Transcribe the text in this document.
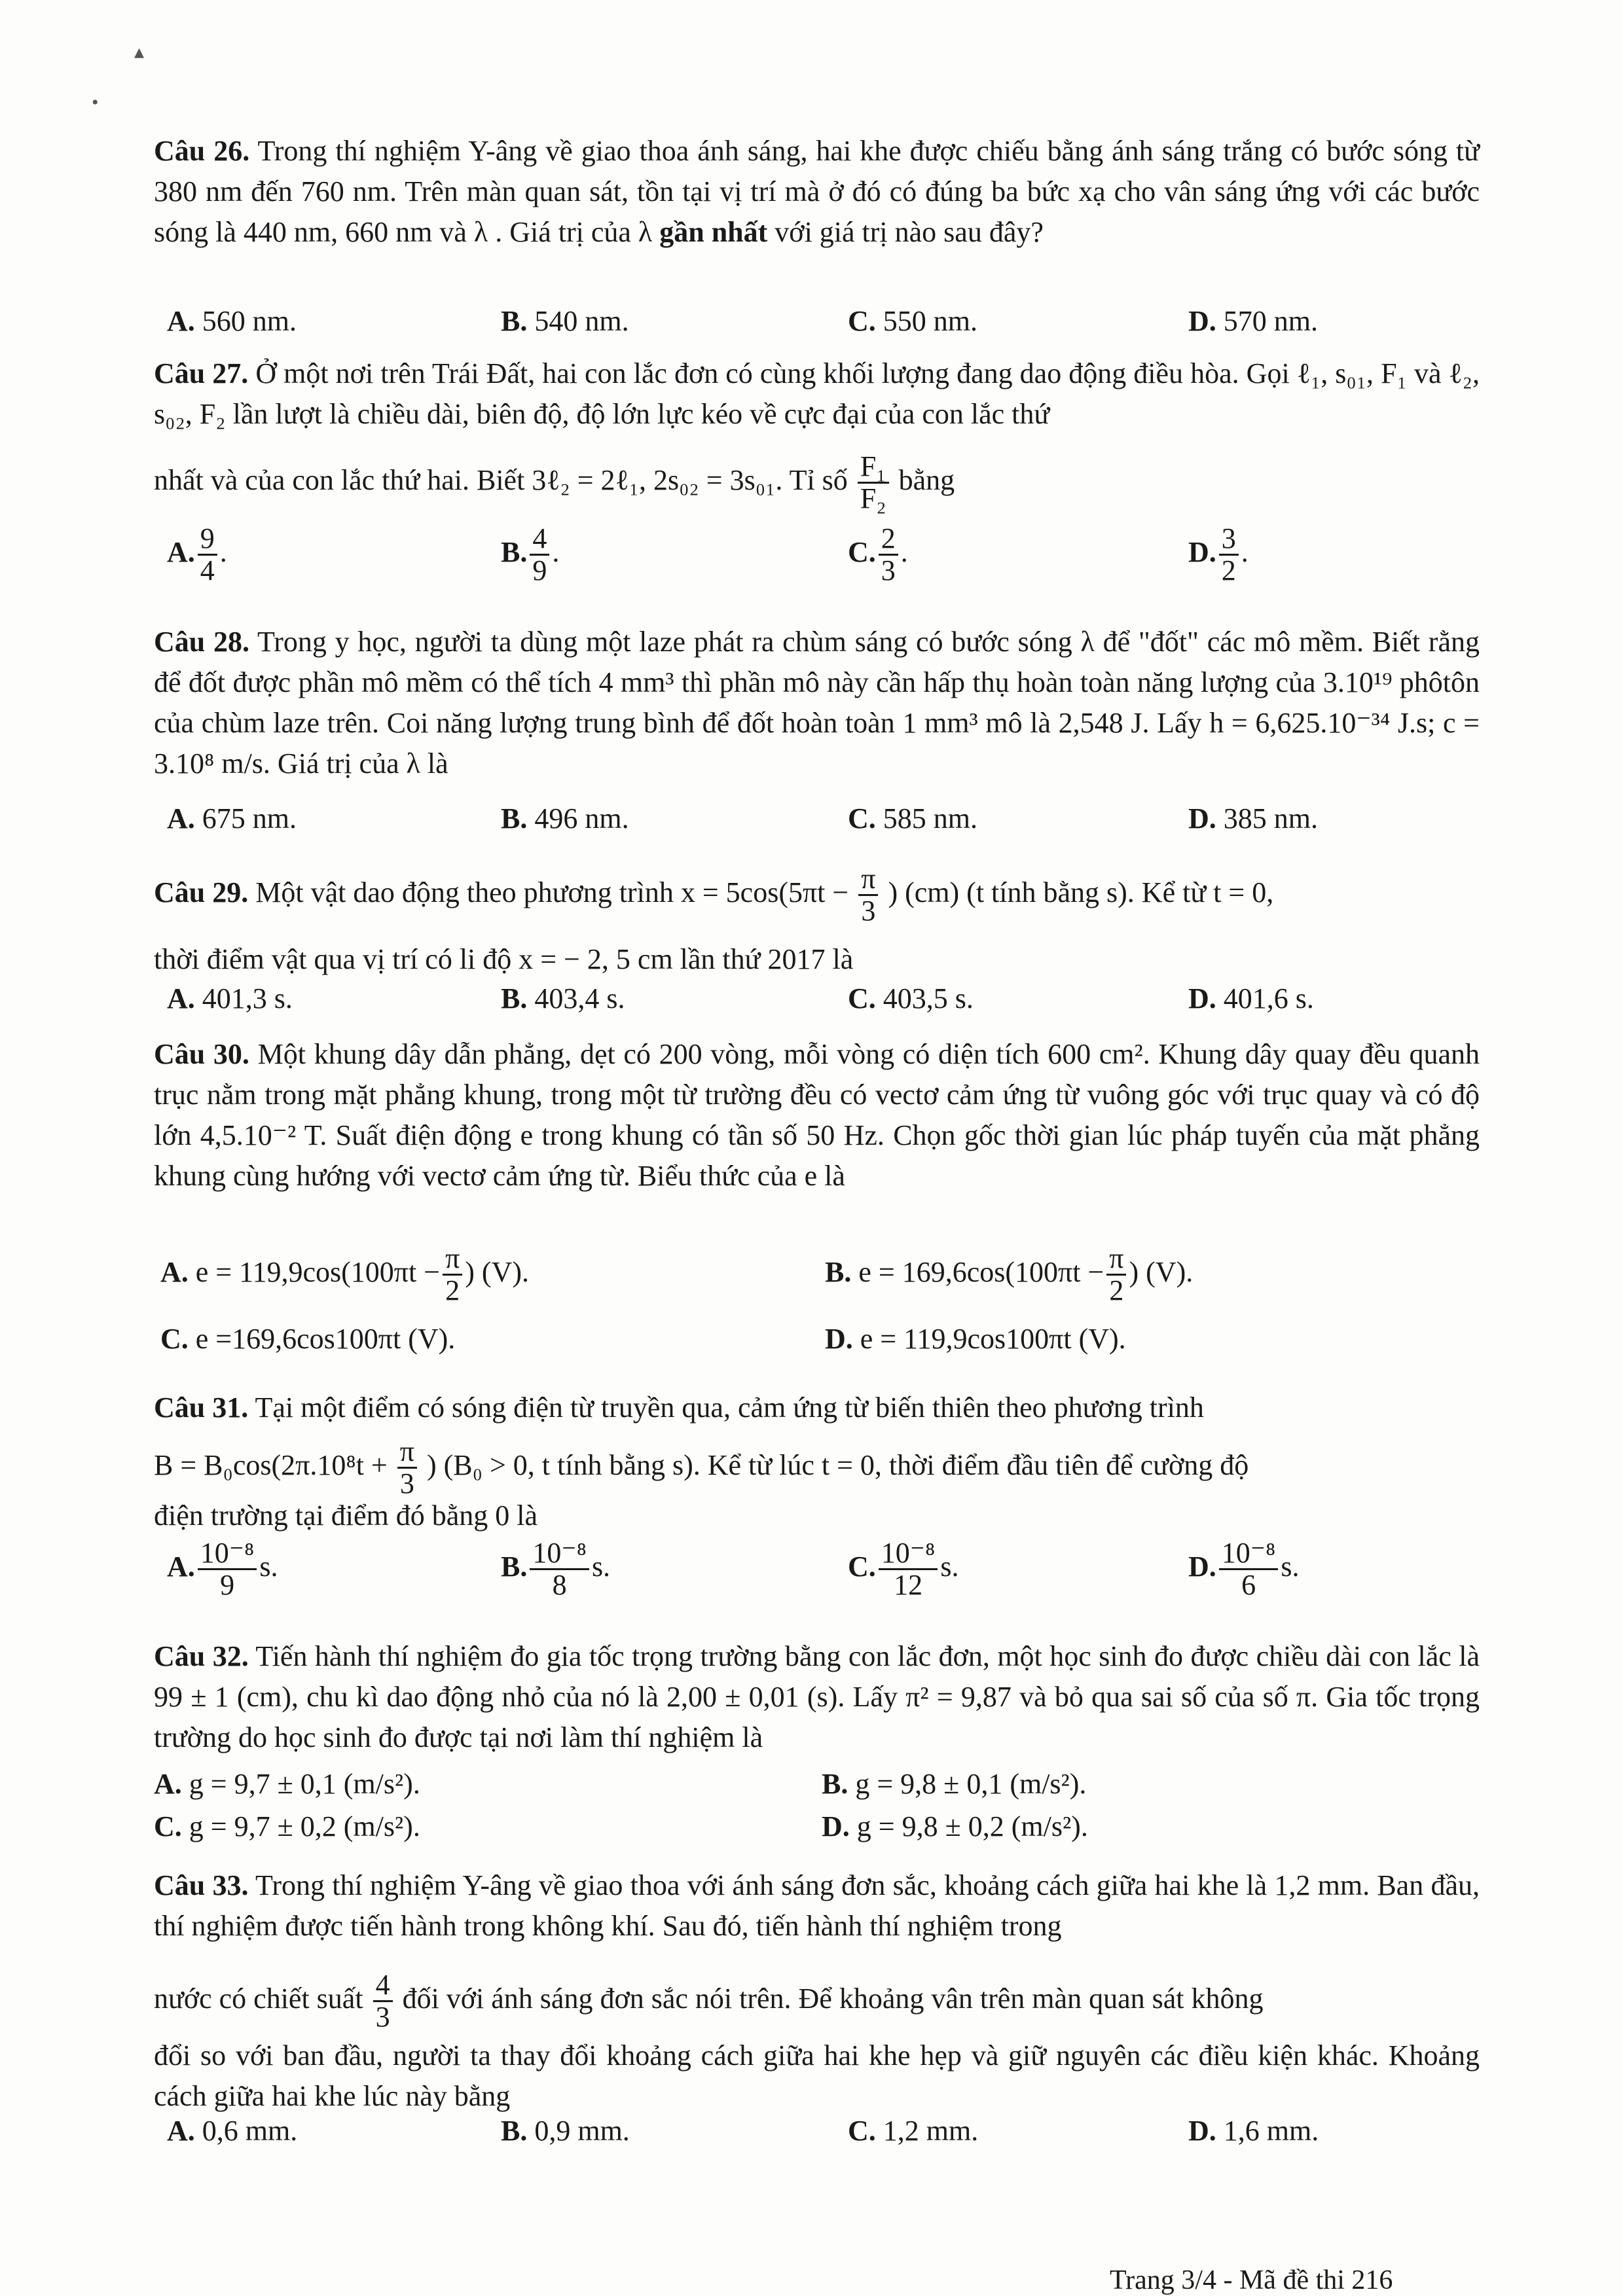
▴
•
Câu 26. Trong thí nghiệm Y-âng về giao thoa ánh sáng, hai khe được chiếu bằng ánh sáng trắng có bước sóng từ 380 nm đến 760 nm. Trên màn quan sát, tồn tại vị trí mà ở đó có đúng ba bức xạ cho vân sáng ứng với các bước sóng là 440 nm, 660 nm và λ . Giá trị của λ gần nhất với giá trị nào sau đây?
A. 560 nm.	B. 540 nm.	C. 550 nm.	D. 570 nm.
Câu 27. Ở một nơi trên Trái Đất, hai con lắc đơn có cùng khối lượng đang dao động điều hòa. Gọi ℓ₁, s₀₁, F₁ và ℓ₂, s₀₂, F₂ lần lượt là chiều dài, biên độ, độ lớn lực kéo về cực đại của con lắc thứ
nhất và của con lắc thứ hai. Biết 3ℓ₂ = 2ℓ₁, 2s₀₂ = 3s₀₁. Tỉ số $\frac{\text{F₁}}{\text{F₂}}$ bằng
A. $\frac{9}{4}$ .	B. $\frac{4}{9}$ .	C. $\frac{2}{3}$ .	D. $\frac{3}{2}$ .
Câu 28. Trong y học, người ta dùng một laze phát ra chùm sáng có bước sóng λ để "đốt" các mô mềm. Biết rằng để đốt được phần mô mềm có thể tích 4 mm³ thì phần mô này cần hấp thụ hoàn toàn năng lượng của 3.10¹⁹ phôtôn của chùm laze trên. Coi năng lượng trung bình để đốt hoàn toàn 1 mm³ mô là 2,548 J. Lấy h = 6,625.10⁻³⁴ J.s; c = 3.10⁸ m/s. Giá trị của λ là
A. 675 nm.	B. 496 nm.	C. 585 nm.	D. 385 nm.
Câu 29. Một vật dao động theo phương trình $x = 5\cos(5\pi t - \frac{\pi}{3}$ ) (cm) (t tính bằng s). Kể từ t = 0,
thời điểm vật qua vị trí có li độ x = − 2, 5 cm lần thứ 2017 là
A. 401,3 s.	B. 403,4 s.	C. 403,5 s.	D. 401,6 s.
Câu 30. Một khung dây dẫn phẳng, dẹt có 200 vòng, mỗi vòng có diện tích 600 cm². Khung dây quay đều quanh trục nằm trong mặt phẳng khung, trong một từ trường đều có vectơ cảm ứng từ vuông góc với trục quay và có độ lớn 4,5.10⁻² T. Suất điện động e trong khung có tần số 50 Hz. Chọn gốc thời gian lúc pháp tuyến của mặt phẳng khung cùng hướng với vectơ cảm ứng từ. Biểu thức của e là
A. $e = 119,9\cos(100\pi t - \frac{\pi}{2}$ ) (V).	B. $e = 169,6\cos(100\pi t - \frac{\pi}{2}$ ) (V).
C. e =169,6cos100πt (V).	D. e = 119,9cos100πt (V).
Câu 31. Tại một điểm có sóng điện từ truyền qua, cảm ứng từ biến thiên theo phương trình
$B = B_0\cos(2\pi.10^8t + \frac{\pi}{3}$ ) (B₀ > 0, t tính bằng s). Kể từ lúc t = 0, thời điểm đầu tiên để cường độ
điện trường tại điểm đó bằng 0 là
A. $\frac{\text{10⁻⁸}}{9} s$.	B. $\frac{\text{10⁻⁸}}{8} s$.	C. $\frac{\text{10⁻⁸}}{12} s$.	D. $\frac{\text{10⁻⁸}}{6} s$.
Câu 32. Tiến hành thí nghiệm đo gia tốc trọng trường bằng con lắc đơn, một học sinh đo được chiều dài con lắc là 99 ± 1 (cm), chu kì dao động nhỏ của nó là 2,00 ± 0,01 (s). Lấy π² = 9,87 và bỏ qua sai số của số π. Gia tốc trọng trường do học sinh đo được tại nơi làm thí nghiệm là
A. g = 9,7 ± 0,1 (m/s²).	B. g = 9,8 ± 0,1 (m/s²).
C. g = 9,7 ± 0,2 (m/s²).	D. g = 9,8 ± 0,2 (m/s²).
Câu 33. Trong thí nghiệm Y-âng về giao thoa với ánh sáng đơn sắc, khoảng cách giữa hai khe là 1,2 mm. Ban đầu, thí nghiệm được tiến hành trong không khí. Sau đó, tiến hành thí nghiệm trong
nước có chiết suất $\frac{4}{3}$ đối với ánh sáng đơn sắc nói trên. Để khoảng vân trên màn quan sát không
đổi so với ban đầu, người ta thay đổi khoảng cách giữa hai khe hẹp và giữ nguyên các điều kiện khác. Khoảng cách giữa hai khe lúc này bằng
A. 0,6 mm.	B. 0,9 mm.	C. 1,2 mm.	D. 1,6 mm.
Trang 3/4 - Mã đề thi 216
